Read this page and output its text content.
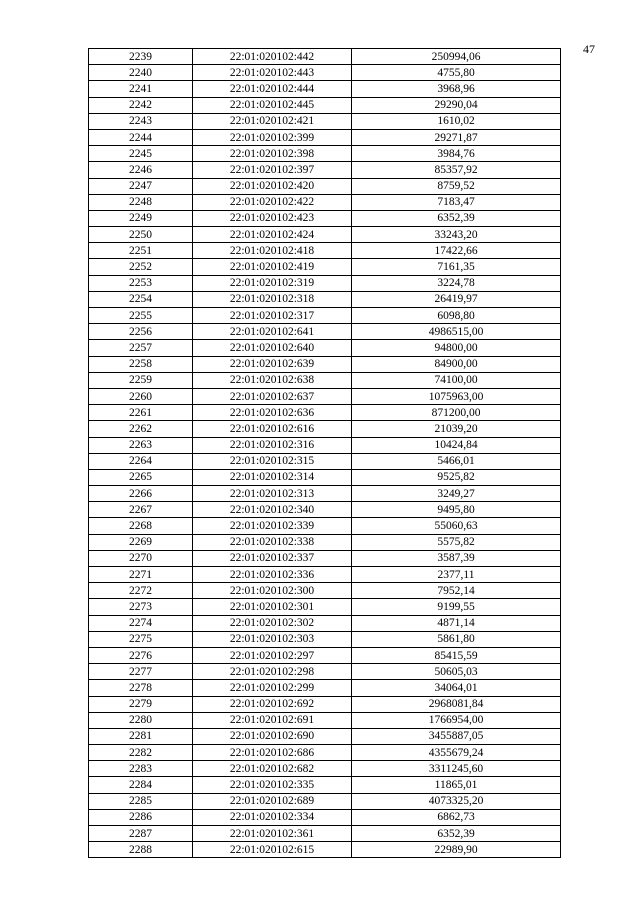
47
2239	22:01:020102:442	250994,06
2240	22:01:020102:443	4755,80
2241	22:01:020102:444	3968,96
2242	22:01:020102:445	29290,04
2243	22:01:020102:421	1610,02
2244	22:01:020102:399	29271,87
2245	22:01:020102:398	3984,76
2246	22:01:020102:397	85357,92
2247	22:01:020102:420	8759,52
2248	22:01:020102:422	7183,47
2249	22:01:020102:423	6352,39
2250	22:01:020102:424	33243,20
2251	22:01:020102:418	17422,66
2252	22:01:020102:419	7161,35
2253	22:01:020102:319	3224,78
2254	22:01:020102:318	26419,97
2255	22:01:020102:317	6098,80
2256	22:01:020102:641	4986515,00
2257	22:01:020102:640	94800,00
2258	22:01:020102:639	84900,00
2259	22:01:020102:638	74100,00
2260	22:01:020102:637	1075963,00
2261	22:01:020102:636	871200,00
2262	22:01:020102:616	21039,20
2263	22:01:020102:316	10424,84
2264	22:01:020102:315	5466,01
2265	22:01:020102:314	9525,82
2266	22:01:020102:313	3249,27
2267	22:01:020102:340	9495,80
2268	22:01:020102:339	55060,63
2269	22:01:020102:338	5575,82
2270	22:01:020102:337	3587,39
2271	22:01:020102:336	2377,11
2272	22:01:020102:300	7952,14
2273	22:01:020102:301	9199,55
2274	22:01:020102:302	4871,14
2275	22:01:020102:303	5861,80
2276	22:01:020102:297	85415,59
2277	22:01:020102:298	50605,03
2278	22:01:020102:299	34064,01
2279	22:01:020102:692	2968081,84
2280	22:01:020102:691	1766954,00
2281	22:01:020102:690	3455887,05
2282	22:01:020102:686	4355679,24
2283	22:01:020102:682	3311245,60
2284	22:01:020102:335	11865,01
2285	22:01:020102:689	4073325,20
2286	22:01:020102:334	6862,73
2287	22:01:020102:361	6352,39
2288	22:01:020102:615	22989,90
